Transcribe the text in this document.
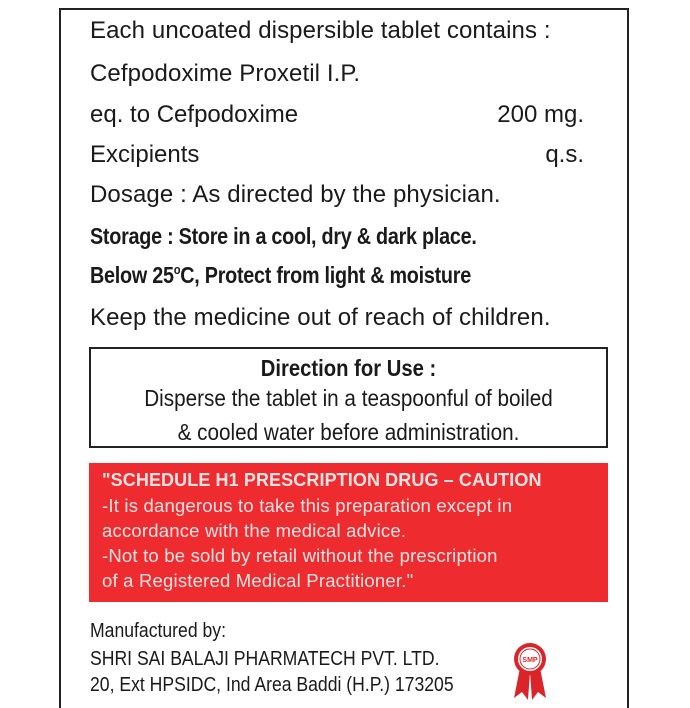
Each uncoated dispersible tablet contains :
Cefpodoxime Proxetil I.P.
eq. to Cefpodoxime	200 mg.
Excipients	q.s.
Dosage : As directed by the physician.
Storage : Store in a cool, dry & dark place.
Below 25$^o$C, Protect from light & moisture
Keep the medicine out of reach of children.
Direction for Use :
Disperse the tablet in a teaspoonful of boiled
& cooled water before administration.
"SCHEDULE H1 PRESCRIPTION DRUG – CAUTION
-It is dangerous to take this preparation except in
accordance with the medical advice.
-Not to be sold by retail without the prescription
of a Registered Medical Practitioner."
Manufactured by:
SHRI SAI BALAJI PHARMATECH PVT. LTD.
20, Ext HPSIDC, Ind Area Baddi (H.P.) 173205
SMP
